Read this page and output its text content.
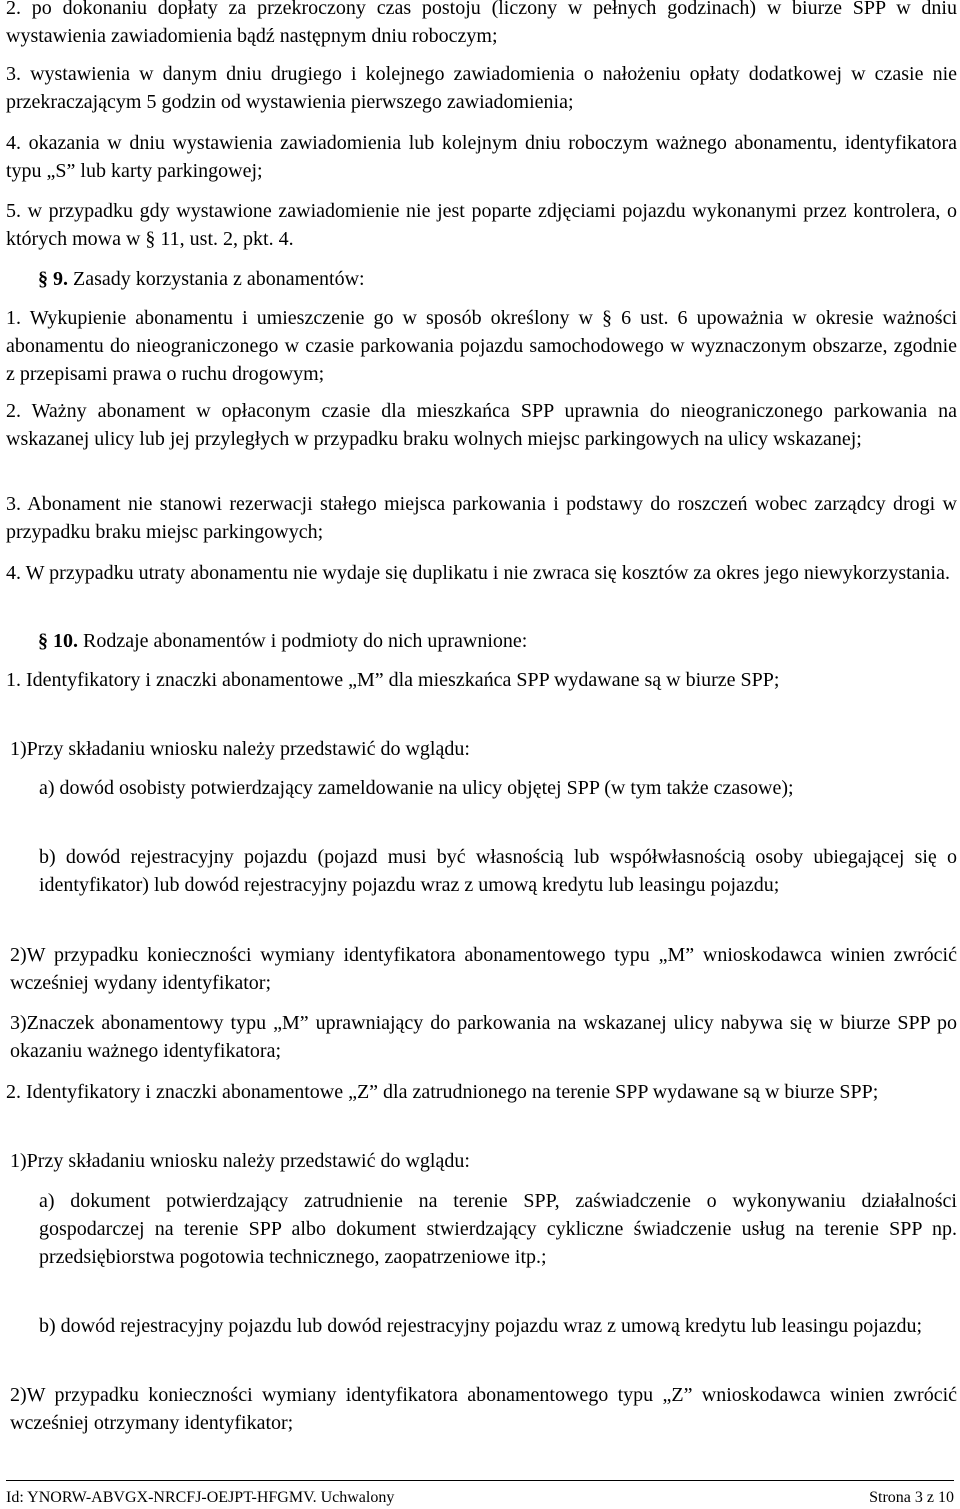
2. po dokonaniu dopłaty za przekroczony czas postoju (liczony w pełnych godzinach) w biurze SPP w dniu wystawienia zawiadomienia bądź następnym dniu roboczym;

3. wystawienia w danym dniu drugiego i kolejnego zawiadomienia o nałożeniu opłaty dodatkowej w czasie nie przekraczającym 5 godzin od wystawienia pierwszego zawiadomienia;

4. okazania w dniu wystawienia zawiadomienia lub kolejnym dniu roboczym ważnego abonamentu, identyfikatora typu „S” lub karty parkingowej;

5. w przypadku gdy wystawione zawiadomienie nie jest poparte zdjęciami pojazdu wykonanymi przez kontrolera, o których mowa w § 11, ust. 2, pkt. 4.

§ 9. Zasady korzystania z abonamentów:

1. Wykupienie abonamentu i umieszczenie go w sposób określony w § 6 ust. 6 upoważnia w okresie ważności abonamentu do nieograniczonego w czasie parkowania pojazdu samochodowego w wyznaczonym obszarze, zgodnie z przepisami prawa o ruchu drogowym;

2. Ważny abonament w opłaconym czasie dla mieszkańca SPP uprawnia do nieograniczonego parkowania na wskazanej ulicy lub jej przyległych w przypadku braku wolnych miejsc parkingowych na ulicy wskazanej;

3. Abonament nie stanowi rezerwacji stałego miejsca parkowania i podstawy do roszczeń wobec zarządcy drogi w przypadku braku miejsc parkingowych;

4. W przypadku utraty abonamentu nie wydaje się duplikatu i nie zwraca się kosztów za okres jego niewykorzystania.

§ 10. Rodzaje abonamentów i podmioty do nich uprawnione:

1. Identyfikatory i znaczki abonamentowe „M” dla mieszkańca SPP wydawane są w biurze SPP;

1)Przy składaniu wniosku należy przedstawić do wglądu:

a) dowód osobisty potwierdzający zameldowanie na ulicy objętej SPP (w tym także czasowe);

b) dowód rejestracyjny pojazdu (pojazd musi być własnością lub współwłasnością osoby ubiegającej się o identyfikator) lub dowód rejestracyjny pojazdu wraz z umową kredytu lub leasingu pojazdu;

2)W przypadku konieczności wymiany identyfikatora abonamentowego typu „M” wnioskodawca winien zwrócić wcześniej wydany identyfikator;

3)Znaczek abonamentowy typu „M” uprawniający do parkowania na wskazanej ulicy nabywa się w biurze SPP po okazaniu ważnego identyfikatora;

2. Identyfikatory i znaczki abonamentowe „Z” dla zatrudnionego na terenie SPP wydawane są w biurze SPP;

1)Przy składaniu wniosku należy przedstawić do wglądu:

a) dokument potwierdzający zatrudnienie na terenie SPP, zaświadczenie o wykonywaniu działalności gospodarczej na terenie SPP albo dokument stwierdzający cykliczne świadczenie usług na terenie SPP np. przedsiębiorstwa pogotowia technicznego, zaopatrzeniowe itp.;

b) dowód rejestracyjny pojazdu lub dowód rejestracyjny pojazdu wraz z umową kredytu lub leasingu pojazdu;

2)W przypadku konieczności wymiany identyfikatora abonamentowego typu „Z” wnioskodawca winien zwrócić wcześniej otrzymany identyfikator;

Id: YNORW-ABVGX-NRCFJ-OEJPT-HFGMV. Uchwalony	Strona 3 z 10
